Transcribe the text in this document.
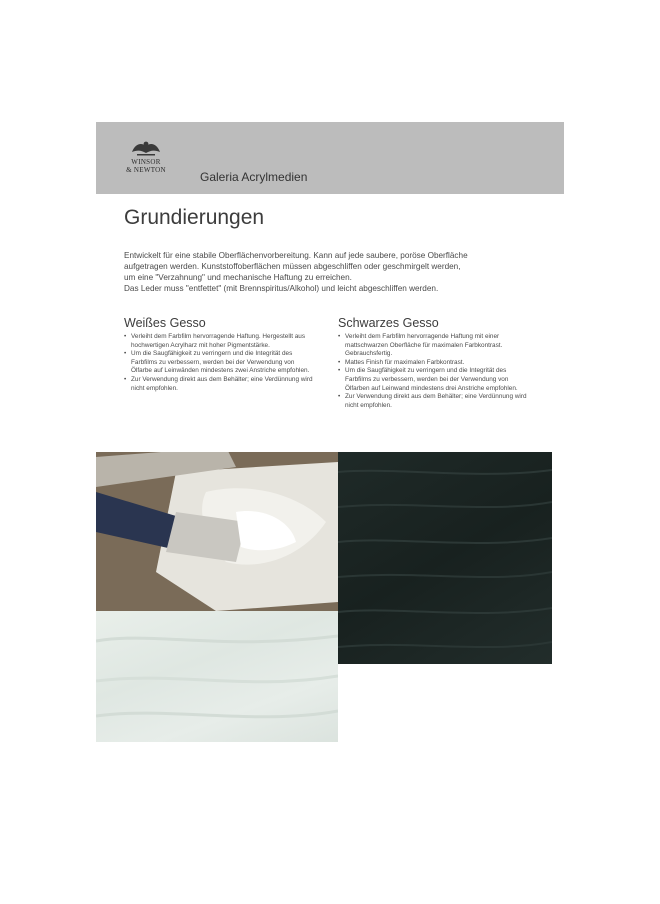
WINSOR
& NEWTON	Galeria Acrylmedien
Grundierungen

Entwickelt für eine stabile Oberflächenvorbereitung. Kann auf jede saubere, poröse Oberfläche

aufgetragen werden. Kunststoffoberflächen müssen abgeschliffen oder geschmirgelt werden,

um eine "Verzahnung" und mechanische Haftung zu erreichen.

Das Leder muss "entfettet" (mit Brennspiritus/Alkohol) und leicht abgeschliffen werden.

Weißes Gesso
• Verleiht dem Farbfilm hervorragende Haftung. Hergestellt aus hochwertigen Acrylharz mit hoher Pigmentstärke.
• Um die Saugfähigkeit zu verringern und die Integrität des Farbfilms zu verbessern, werden bei der Verwendung von Ölfarbe auf Leinwänden mindestens zwei Anstriche empfohlen.
• Zur Verwendung direkt aus dem Behälter; eine Verdünnung wird nicht empfohlen.
Schwarzes Gesso
• Verleiht dem Farbfilm hervorragende Haftung mit einer mattschwarzen Oberfläche für maximalen Farbkontrast. Gebrauchsfertig.
• Mattes Finish für maximalen Farbkontrast.
• Um die Saugfähigkeit zu verringern und die Integrität des Farbfilms zu verbessern, werden bei der Verwendung von Ölfarben auf Leinwand mindestens drei Anstriche empfohlen.
• Zur Verwendung direkt aus dem Behälter; eine Verdünnung wird nicht empfohlen.
